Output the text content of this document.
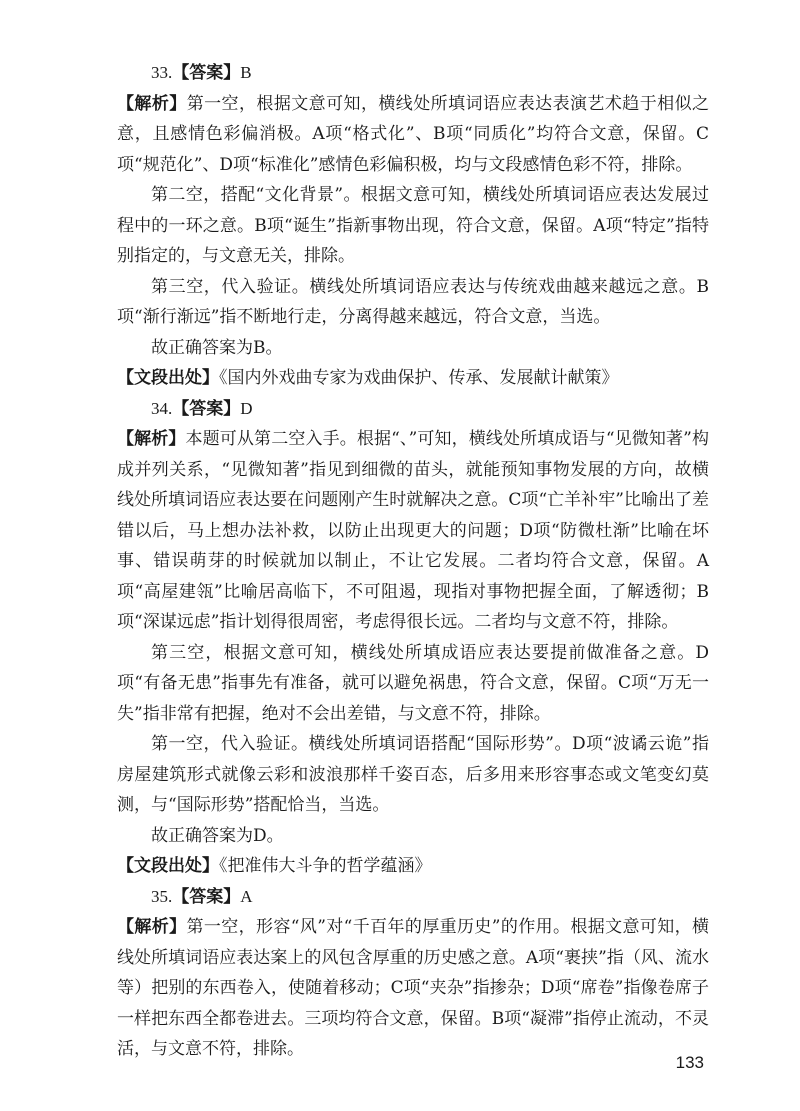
33.【答案】B

【解析】第一空，根据文意可知，横线处所填词语应表达表演艺术趋于相似之意，且感情色彩偏消极。A项“格式化”、B项“同质化”均符合文意，保留。C项“规范化”、D项“标准化”感情色彩偏积极，均与文段感情色彩不符，排除。

第二空，搭配“文化背景”。根据文意可知，横线处所填词语应表达发展过程中的一环之意。B项“诞生”指新事物出现，符合文意，保留。A项“特定”指特别指定的，与文意无关，排除。

第三空，代入验证。横线处所填词语应表达与传统戏曲越来越远之意。B项“渐行渐远”指不断地行走，分离得越来越远，符合文意，当选。

故正确答案为B。

【文段出处】《国内外戏曲专家为戏曲保护、传承、发展献计献策》

34.【答案】D

【解析】本题可从第二空入手。根据“、”可知，横线处所填成语与“见微知著”构成并列关系，“见微知著”指见到细微的苗头，就能预知事物发展的方向，故横线处所填词语应表达要在问题刚产生时就解决之意。C项“亡羊补牢”比喻出了差错以后，马上想办法补救，以防止出现更大的问题；D项“防微杜渐”比喻在坏事、错误萌芽的时候就加以制止，不让它发展。二者均符合文意，保留。A项“高屋建瓴”比喻居高临下，不可阻遏，现指对事物把握全面，了解透彻；B项“深谋远虑”指计划得很周密，考虑得很长远。二者均与文意不符，排除。

第三空，根据文意可知，横线处所填成语应表达要提前做准备之意。D项“有备无患”指事先有准备，就可以避免祸患，符合文意，保留。C项“万无一失”指非常有把握，绝对不会出差错，与文意不符，排除。

第一空，代入验证。横线处所填词语搭配“国际形势”。D项“波谲云诡”指房屋建筑形式就像云彩和波浪那样千姿百态，后多用来形容事态或文笔变幻莫测，与“国际形势”搭配恰当，当选。

故正确答案为D。

【文段出处】《把准伟大斗争的哲学蕴涵》

35.【答案】A

【解析】第一空，形容“风”对“千百年的厚重历史”的作用。根据文意可知，横线处所填词语应表达案上的风包含厚重的历史感之意。A项“裹挟”指（风、流水等）把别的东西卷入，使随着移动；C项“夹杂”指掺杂；D项“席卷”指像卷席子一样把东西全都卷进去。三项均符合文意，保留。B项“凝滞”指停止流动，不灵活，与文意不符，排除。

133
